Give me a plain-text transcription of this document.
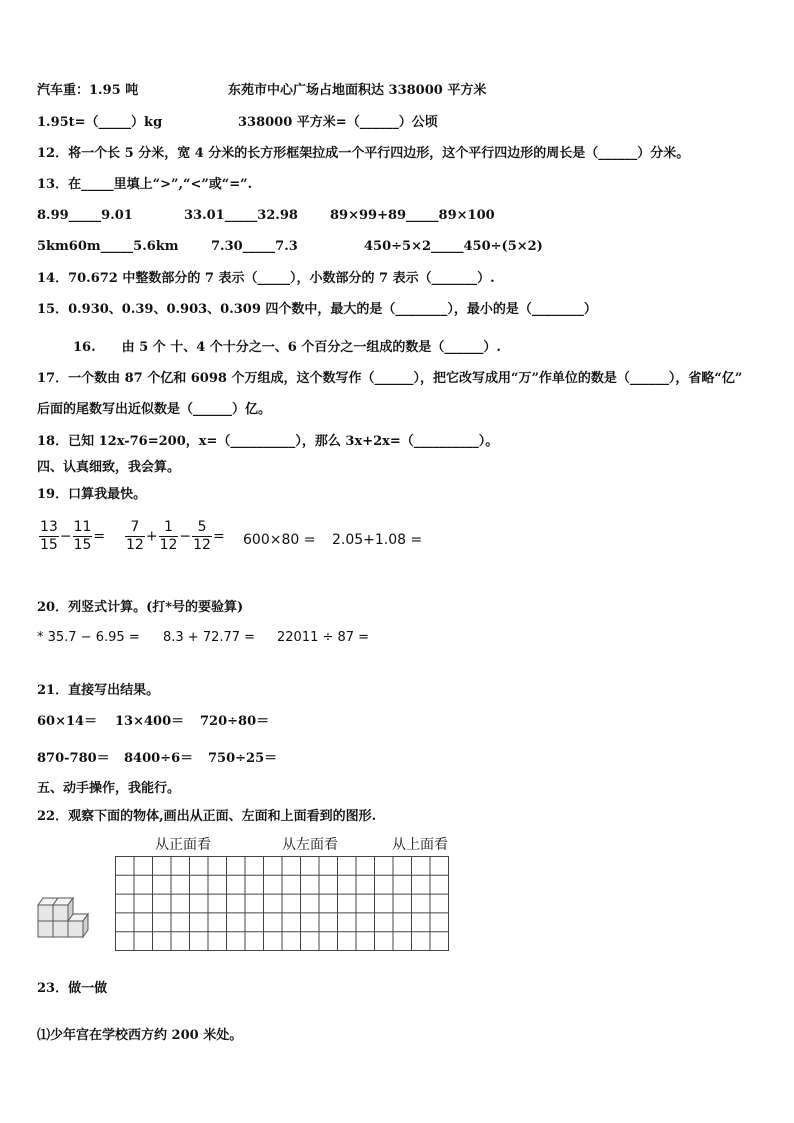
汽车重：1.95 吨	东苑市中心广场占地面积达 338000 平方米
1.95t=（_____）kg	338000 平方米=（______）公顷
12．将一个长 5 分米，宽 4 分米的长方形框架拉成一个平行四边形，这个平行四边形的周长是（______）分米。
13．在_____里填上“>”,“<”或“=”.
8.99_____9.01	33.01_____32.98 89×99+89_____89×100
5km60m_____5.6km 7.30_____7.3	450÷5×2_____450÷(5×2)
14．70.672 中整数部分的 7 表示（_____），小数部分的 7 表示（_______）.
15．0.930、0.39、0.903、0.309 四个数中，最大的是（________），最小的是（________）
16.　　由 5 个 十、4 个十分之一、6 个百分之一组成的数是（______）.
17．一个数由 87 个亿和 6098 个万组成，这个数写作（______），把它改写成用“万”作单位的数是（______），省略“亿”
后面的尾数写出近似数是（______）亿。
18．已知 12x-76=200，x=（__________），那么 3x+2x=（__________）。
四、认真细致，我会算。
19．口算我最快。
$\frac{13}{15} - \frac{11}{15} = \frac{7}{12} + \frac{1}{12} - \frac{5}{12} = 600\times 80 = 2.05+1.08$ =
20．列竖式计算。(打*号的要验算)
* 35.7 − 6.95 = 8.3 + 72.77 = 22011 ÷ 87 =
21．直接写出结果。
60×14＝ 13×400＝ 720÷80＝
870-780＝ 8400÷6＝ 750÷25＝
五、动手操作，我能行。
22．观察下面的物体,画出从正面、左面和上面看到的图形.
从正面看	从左面看	从上面看
23．做一做
⑴少年宫在学校西方约 200 米处。
